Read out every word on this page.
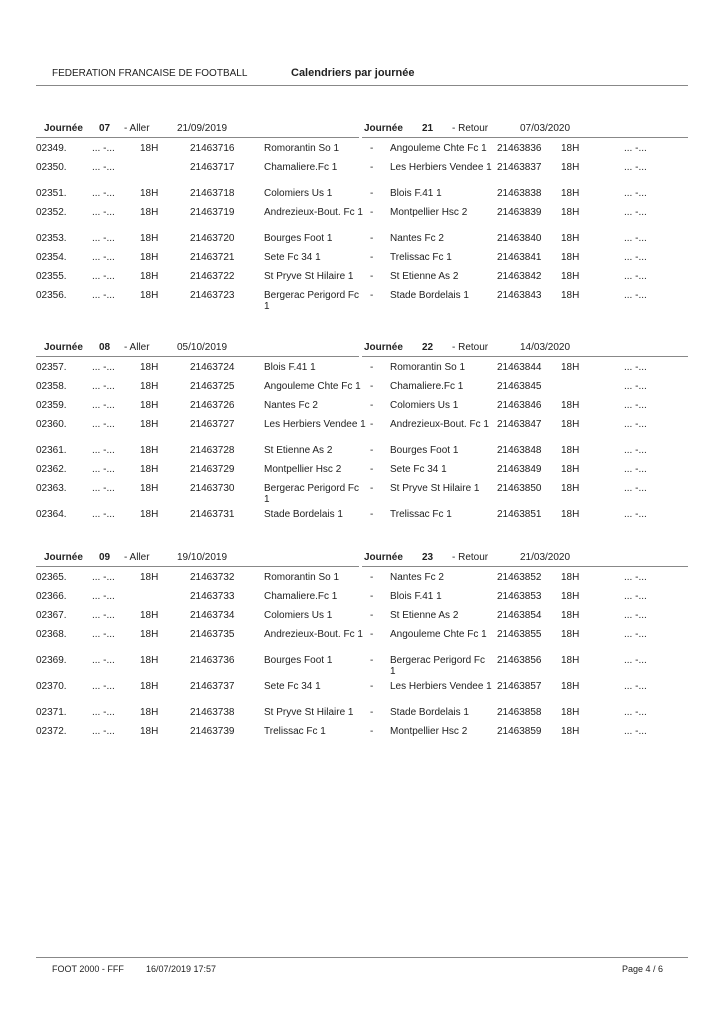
FEDERATION FRANCAISE DE FOOTBALL	Calendriers par journée
Journée 07 - Aller	21/09/2019	Journée 21 - Retour	07/03/2020
02349.	... -...	18H	21463716	Romorantin So 1	- Angouleme Chte Fc 1	21463836 18H	... -...
02350.	... -...	21463717	Chamaliere.Fc 1	- Les Herbiers Vendee 1 21463837 18H	... -...
02351.	... -...	18H	21463718	Colomiers Us 1	- Blois F.41 1	21463838 18H	... -...
02352.	... -...	18H	21463719	Andrezieux-Bout. Fc 1 - Montpellier Hsc 2	21463839 18H	... -...
02353.	... -...	18H	21463720	Bourges Foot 1	- Nantes Fc 2	21463840 18H	... -...
02354.	... -...	18H	21463721	Sete Fc 34 1	- Trelissac Fc 1	21463841 18H	... -...
02355.	... -...	18H	21463722	St Pryve St Hilaire 1	- St Etienne As 2	21463842 18H	... -...
02356.	... -...	18H	21463723	Bergerac Perigord Fc 1
- Stade Bordelais 1	21463843 18H	... -...
Journée 08 - Aller	05/10/2019	Journée 22 - Retour	14/03/2020
02357.	... -...	18H	21463724	Blois F.41 1	- Romorantin So 1	21463844 18H	... -...
02358.	... -...	18H	21463725	Angouleme Chte Fc 1 - Chamaliere.Fc 1	21463845	... -...
02359.	... -...	18H	21463726	Nantes Fc 2	- Colomiers Us 1	21463846 18H	... -...
02360.	... -...	18H	21463727	Les Herbiers Vendee 1 - Andrezieux-Bout. Fc 1 21463847 18H	... -...
02361.	... -...	18H	21463728	St Etienne As 2	- Bourges Foot 1	21463848 18H	... -...
02362.	... -...	18H	21463729	Montpellier Hsc 2	- Sete Fc 34 1	21463849 18H	... -...
02363.	... -...	18H	21463730	Bergerac Perigord Fc 1
- St Pryve St Hilaire 1	21463850 18H	... -...
02364.	... -...	18H	21463731	Stade Bordelais 1	- Trelissac Fc 1	21463851 18H	... -...
Journée 09 - Aller	19/10/2019	Journée 23 - Retour	21/03/2020
02365.	... -...	18H	21463732	Romorantin So 1	- Nantes Fc 2	21463852 18H	... -...
02366.	... -...	21463733	Chamaliere.Fc 1	- Blois F.41 1	21463853 18H	... -...
02367.	... -...	18H	21463734	Colomiers Us 1	- St Etienne As 2	21463854 18H	... -...
02368.	... -...	18H	21463735	Andrezieux-Bout. Fc 1 - Angouleme Chte Fc 1	21463855 18H	... -...
02369.	... -...	18H	21463736	Bourges Foot 1	- Bergerac Perigord Fc 1
21463856 18H	... -...
02370.	... -...	18H	21463737	Sete Fc 34 1	- Les Herbiers Vendee 1 21463857 18H	... -...
02371.	... -...	18H	21463738	St Pryve St Hilaire 1	- Stade Bordelais 1	21463858 18H	... -...
02372.	... -...	18H	21463739	Trelissac Fc 1	- Montpellier Hsc 2	21463859 18H	... -...
FOOT 2000 - FFF 16/07/2019 17:57	Page 4 / 6
